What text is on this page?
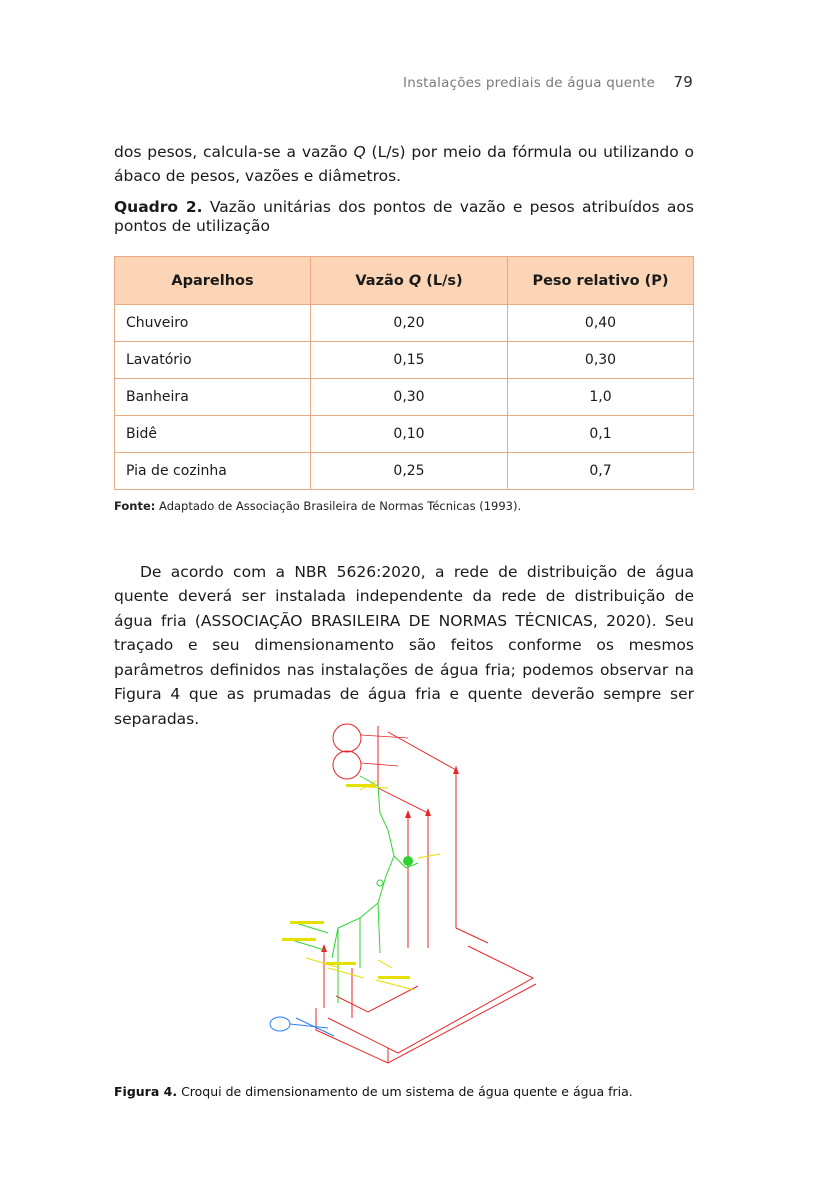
Instalações prediais de água quente 79

dos pesos, calcula-se a vazão Q (L/s) por meio da fórmula ou utilizando o ábaco de pesos, vazões e diâmetros.

Quadro 2. Vazão unitárias dos pontos de vazão e pesos atribuídos aos pontos de utilização
Aparelhos	Vazão Q (L/s)	Peso relativo (P)
Chuveiro	0,20	0,40
Lavatório	0,15	0,30
Banheira	0,30	1,0
Bidê	0,10	0,1
Pia de cozinha	0,25	0,7
Fonte: Adaptado de Associação Brasileira de Normas Técnicas (1993).

De acordo com a NBR 5626:2020, a rede de distribuição de água quente deverá ser instalada independente da rede de distribuição de água fria (ASSOCIAÇÃO BRASILEIRA DE NORMAS TÉCNICAS, 2020). Seu traçado e seu dimensionamento são feitos conforme os mesmos parâmetros definidos nas instalações de água fria; podemos observar na Figura 4 que as prumadas de água fria e quente deverão sempre ser separadas.

Figura 4. Croqui de dimensionamento de um sistema de água quente e água fria.
